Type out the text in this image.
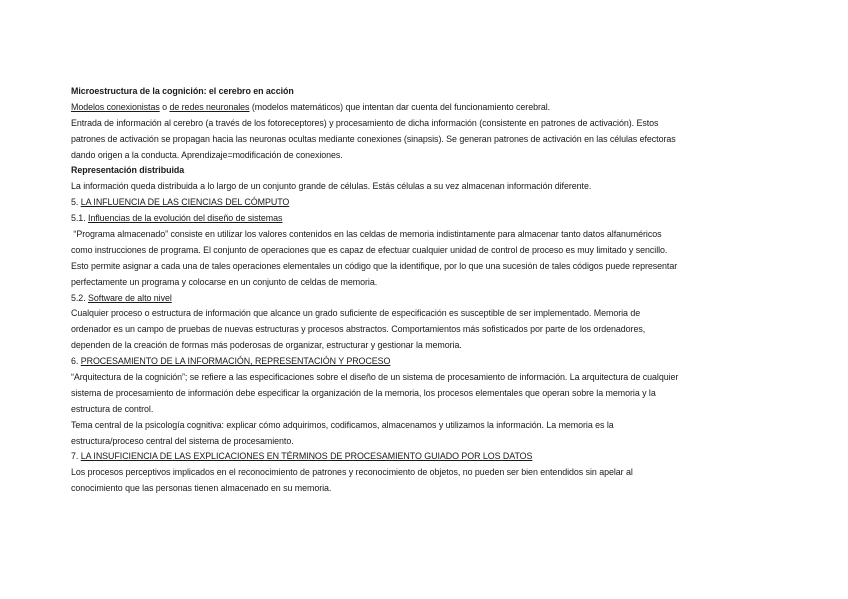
Microestructura de la cognición: el cerebro en acción
Modelos conexionistas o de redes neuronales (modelos matemáticos) que intentan dar cuenta del funcionamiento cerebral.
Entrada de información al cerebro (a través de los fotoreceptores) y procesamiento de dicha información (consistente en patrones de activación). Estos
patrones de activación se propagan hacia las neuronas ocultas mediante conexiones (sinapsis). Se generan patrones de activación en las células efectoras
dando origen a la conducta. Aprendizaje=modificación de conexiones.
Representación distribuida
La información queda distribuida a lo largo de un conjunto grande de células. Estás células a su vez almacenan información diferente.
5. LA INFLUENCIA DE LAS CIENCIAS DEL CÓMPUTO
5.1. Influencias de la evolución del diseño de sistemas
“Programa almacenado” consiste en utilizar los valores contenidos en las celdas de memoria indistintamente para almacenar tanto datos alfanuméricos
como instrucciones de programa. El conjunto de operaciones que es capaz de efectuar cualquier unidad de control de proceso es muy limitado y sencillo.
Esto permite asignar a cada una de tales operaciones elementales un código que la identifique, por lo que una sucesión de tales códigos puede representar
perfectamente un programa y colocarse en un conjunto de celdas de memoria.
5.2. Software de alto nivel
Cualquier proceso o estructura de información que alcance un grado suficiente de especificación es susceptible de ser implementado. Memoria de
ordenador es un campo de pruebas de nuevas estructuras y procesos abstractos. Comportamientos más sofisticados por parte de los ordenadores,
dependen de la creación de formas más poderosas de organizar, estructurar y gestionar la memoria.
6. PROCESAMIENTO DE LA INFORMACIÓN, REPRESENTACIÓN Y PROCESO
“Arquitectura de la cognición”; se refiere a las especificaciones sobre el diseño de un sistema de procesamiento de información. La arquitectura de cualquier
sistema de procesamiento de información debe especificar la organización de la memoria, los procesos elementales que operan sobre la memoria y la
estructura de control.
Tema central de la psicología cognitiva: explicar cómo adquirimos, codificamos, almacenamos y utilizamos la información. La memoria es la
estructura/proceso central del sistema de procesamiento.
7. LA INSUFICIENCIA DE LAS EXPLICACIONES EN TÉRMINOS DE PROCESAMIENTO GUIADO POR LOS DATOS
Los procesos perceptivos implicados en el reconocimiento de patrones y reconocimiento de objetos, no pueden ser bien entendidos sin apelar al
conocimiento que las personas tienen almacenado en su memoria.
